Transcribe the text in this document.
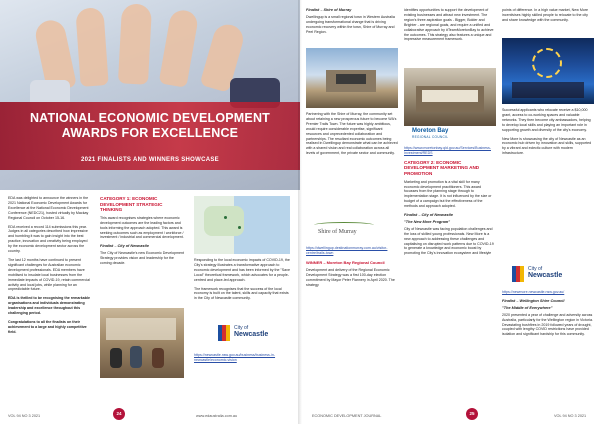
NATIONAL ECONOMIC DEVELOPMENT
AWARDS FOR EXCELLENCE
2021 FINALISTS AND WINNERS SHOWCASE

EDA was delighted to announce the winners in the 2021 National Economic Development Awards for Excellence at the National Economic Development Conference (NEDC21), hosted virtually by Mackay Regional Council on October 15-16.

EDA received a record 114 submissions this year. Judges in all categories described how impressive and humbling it was to gain insight into the best practice, innovation and creativity being employed by the economic development sector across the country.

The last 12 months have continued to present significant challenges for Australian economic development professionals. EDA members have mobilised to insulate local businesses from the immediate impacts of COVID-19, retain commercial activity and local jobs, while planning for an unpredictable future.

EDA is thrilled to be recognising the remarkable organisations and individuals demonstrating leadership and excellence throughout this challenging period.

Congratulations to all the finalists on their achievement to a large and highly competitive field.

CATEGORY 1: ECONOMIC DEVELOPMENT STRATEGIC THINKING

This award recognises strategies where economic development outcomes are the leading factors and tools informing the approach adopted. This award is seeking outcomes such as employment / workforce / investment / industrial and commercial development.

Finalist – City of Newcastle

The City of Newcastle's new Economic Development Strategy provides vision and leadership for the coming decade.

Responding to the local economic impacts of COVID-19, the City's strategy illustrates a transformative approach to economic development and has been informed by the "Save Local" theoretical framework, which advocates for a people-centred and place-led approach.

The framework recognises that the success of the local economy is built on the talent, skills and capacity that exists in the City of Newcastle community.

City of
Newcastle

https://newcastle.nsw.gov.au/business/business-in-newcastle/economic-vision

VOL 94 NO 3 2021	24	www.edaustralia.com.au
Finalist – Shire of Murray

Dwellingup is a small regional town in Western Australia undergoing transformational change that is driving economic recovery within the town, Shire of Murray and Peel Region.

Partnering with the Shire of Murray, the community set about retaining a new prosperous future to become WA's Premier Trails Town. The future was highly ambitious, would require considerable expertise, significant resources and unprecedented collaboration and partnerships. The resultant economic outcomes being realised in Dwellingup demonstrate what can be achieved with a shared vision and real collaboration across all levels of government, the private sector and community.

Shire of Murray

https://dwellingup.destinationmurray.com.au/visitor-centre/trails-town

WINNER – Moreton Bay Regional Council

Development and delivery of the Regional Economic Development Strategy was a first 100-day election commitment by Mayor Peter Flannery in April 2020. The strategy

identifies opportunities to support the development of existing businesses and attract new investment. The region's three aspiration goals - Bigger, Bolder and Brighter - are regional goals, and require a unified and collaborative approach by #TeamMoretonBay to achieve the outcomes. This strategy also features a unique and impressive measurement framework.

Moreton Bay
REGIONAL COUNCIL

https://www.moretonbay.qld.gov.au/Services/Business-Investment/REDS

CATEGORY 2: ECONOMIC DEVELOPMENT MARKETING AND PROMOTION

Marketing and promotion is a vital skill for many economic development practitioners. This award focusses from the planning stage through to implementation stage. It is not influenced by the size or budget of a campaign but the effectiveness of the methods and approach adopted.

Finalist – City of Newcastle
"The New More Program"

City of Newcastle was facing population challenges and the loss of skilled young professionals. New More is a new approach to addressing these challenges and capitalising on disrupted work patterns due to COVID-19 to generate a knowledge and economic boost by promoting the City's innovation ecosystem and lifestyle

points of difference. In a high value market, New More incentivises highly skilled people to relocate to the city and share knowledge with the community.

Successful applicants who relocate receive a $10,000 grant, access to co-working spaces and valuable networks. They then become city ambassadors, helping to develop local skills and playing an important role in supporting growth and diversity of the city's economy.

New More is showcasing the city of Newcastle as an economic hub driven by innovation and skills, supported by a vibrant and eclectic culture with modern infrastructure.

City of
Newcastle

https://newmore.newcastle.nsw.gov.au/

Finalist – Wellington Shire Council
"The Middle of Everywhere"

2020 presented a year of challenge and adversity across Australia, particularly for the Wellington region in Victoria. Devastating bushfires in 2019 followed years of drought, coupled with lengthy COVID restrictions have provided isolation and significant hardship for this community.

ECONOMIC DEVELOPMENT JOURNAL	25	VOL 94 NO 3 2021
